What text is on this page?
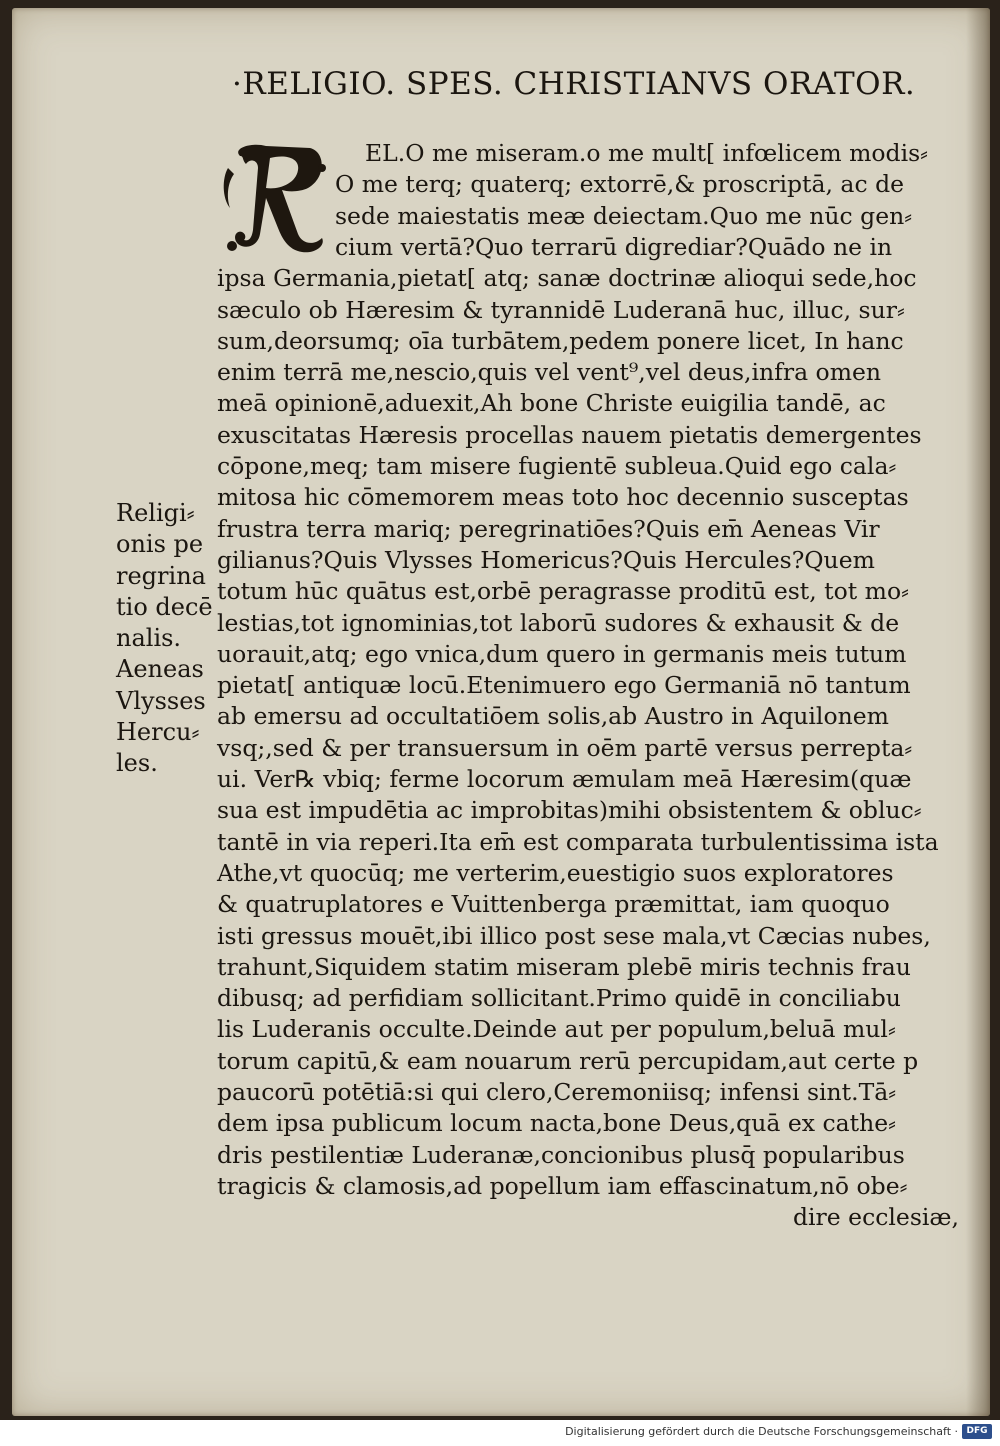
·RELIGIO. SPES. CHRISTIANVS ORATOR.
EL.O me miseram.o me mult[ infœlicem modis⸗
O me terq; quaterq; extorrē,& proscriptā, ac de
sede maiestatis meæ deiectam.Quo me nūc gen⸗
cium vertā?Quo terrarū digrediar?Quādo ne in
ipsa Germania,pietat[ atq; sanæ doctrinæ alioqui sede,hoc
sæculo ob Hæresim & tyrannidē Luderanā huc, illuc, sur⸗
sum,deorsumq; oīa turbātem,pedem ponere licet, In hanc
enim terrā me,nescio,quis vel vent⁹,vel deus,infra omen
meā opinionē,aduexit,Ah bone Christe euigilia tandē, ac
exuscitatas Hæresis procellas nauem pietatis demergentes
cōpone,meq; tam misere fugientē subleua.Quid ego cala⸗
mitosa hic cōmemorem meas toto hoc decennio susceptas
frustra terra mariq; peregrinatiōes?Quis em̄ Aeneas Vir
gilianus?Quis Vlysses Homericus?Quis Hercules?Quem
totum hūc quātus est,orbē peragrasse proditū est, tot mo⸗
lestias,tot ignominias,tot laborū sudores & exhausit & de
uorauit,atq; ego vnica,dum quero in germanis meis tutum
pietat[ antiquæ locū.Etenimuero ego Germaniā nō tantum
ab emersu ad occultatiōem solis,ab Austro in Aquilonem
vsq;,sed & per transuersum in oēm partē versus perrepta⸗
ui. Ver℞ vbiq; ferme locorum æmulam meā Hæresim(quæ
sua est impudētia ac improbitas)mihi obsistentem & obluc⸗
tantē in via reperi.Ita em̄ est comparata turbulentissima ista
Athe,vt quocūq; me verterim,euestigio suos exploratores
& quatruplatores e Vuittenberga præmittat, iam quoquo
isti gressus mouēt,ibi illico post sese mala,vt Cæcias nubes,
trahunt,Siquidem statim miseram plebē miris technis frau
dibusq; ad perfidiam sollicitant.Primo quidē in conciliabu
lis Luderanis occulte.Deinde aut per populum,beluā mul⸗
torum capitū,& eam nouarum rerū percupidam,aut certe p
paucorū potētiā:si qui clero,Ceremoniisq; infensi sint.Tā⸗
dem ipsa publicum locum nacta,bone Deus,quā ex cathe⸗
dris pestilentiæ Luderanæ,concionibus plusq̄ popularibus
tragicis & clamosis,ad popellum iam effascinatum,nō obe⸗
dire ecclesiæ,
Religi⸗
onis pe
regrina
tio decē
nalis.
Aeneas
Vlysses
Hercu⸗
les.
Digitalisierung gefördert durch die Deutsche Forschungsgemeinschaft · DFG
